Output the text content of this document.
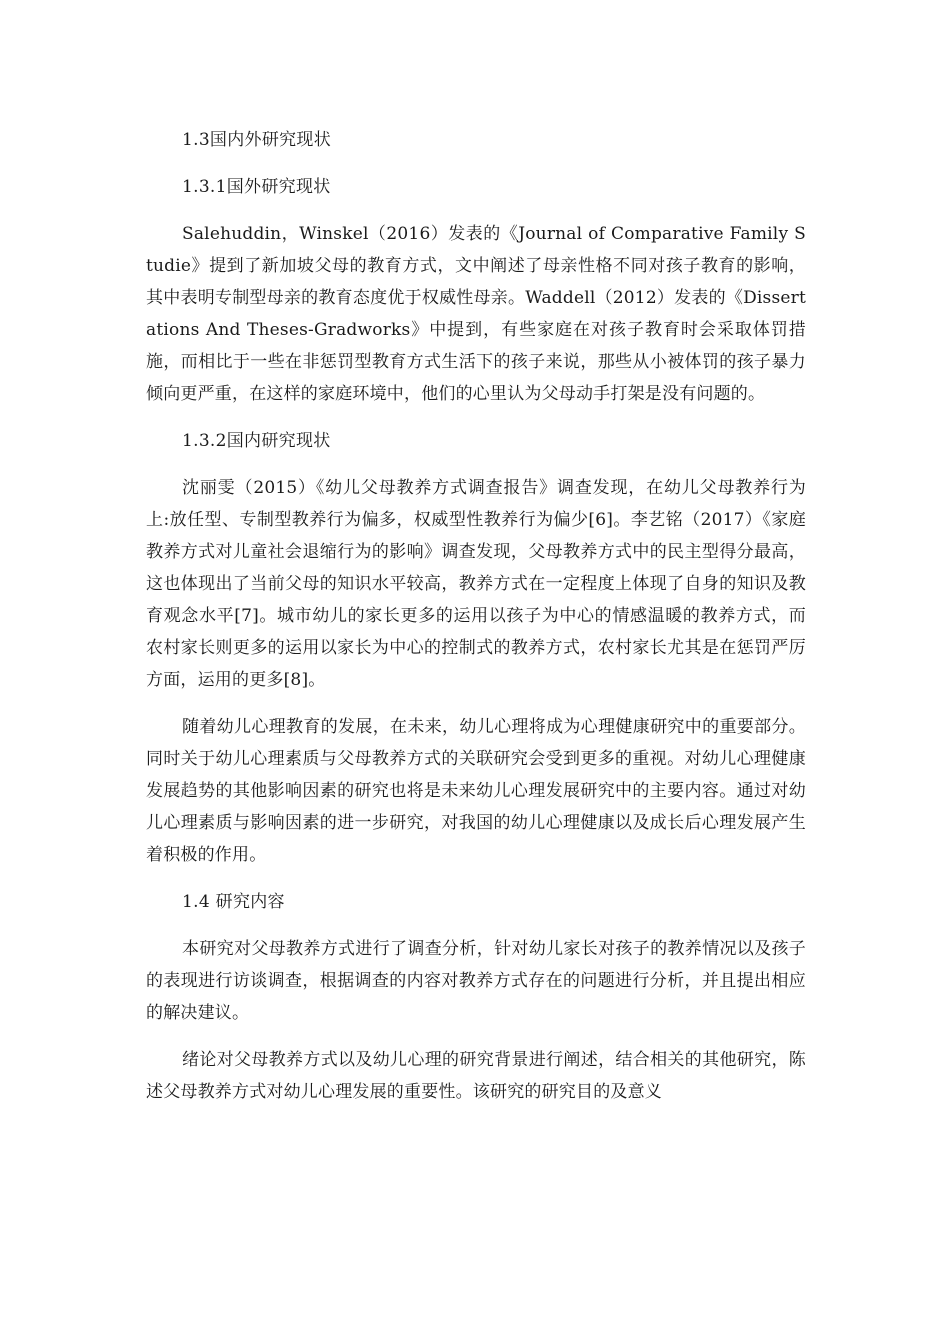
1.3国内外研究现状
1.3.1国外研究现状
Salehuddin，Winskel（2016）发表的《Journal of Comparative Family Studie》提到了新加坡父母的教育方式，文中阐述了母亲性格不同对孩子教育的影响，其中表明专制型母亲的教育态度优于权威性母亲。Waddell（2012）发表的《Dissertations And Theses-Gradworks》中提到，有些家庭在对孩子教育时会采取体罚措施，而相比于一些在非惩罚型教育方式生活下的孩子来说，那些从小被体罚的孩子暴力倾向更严重，在这样的家庭环境中，他们的心里认为父母动手打架是没有问题的。
1.3.2国内研究现状
沈丽雯（2015）《幼儿父母教养方式调查报告》调查发现，在幼儿父母教养行为上:放任型、专制型教养行为偏多，权威型性教养行为偏少[6]。李艺铭（2017）《家庭教养方式对儿童社会退缩行为的影响》调查发现，父母教养方式中的民主型得分最高，这也体现出了当前父母的知识水平较高，教养方式在一定程度上体现了自身的知识及教育观念水平[7]。城市幼儿的家长更多的运用以孩子为中心的情感温暖的教养方式，而农村家长则更多的运用以家长为中心的控制式的教养方式，农村家长尤其是在惩罚严厉方面，运用的更多[8]。
随着幼儿心理教育的发展，在未来，幼儿心理将成为心理健康研究中的重要部分。同时关于幼儿心理素质与父母教养方式的关联研究会受到更多的重视。对幼儿心理健康发展趋势的其他影响因素的研究也将是未来幼儿心理发展研究中的主要内容。通过对幼儿心理素质与影响因素的进一步研究，对我国的幼儿心理健康以及成长后心理发展产生着积极的作用。
1.4 研究内容
本研究对父母教养方式进行了调查分析，针对幼儿家长对孩子的教养情况以及孩子的表现进行访谈调查，根据调查的内容对教养方式存在的问题进行分析，并且提出相应的解决建议。
绪论对父母教养方式以及幼儿心理的研究背景进行阐述，结合相关的其他研究，陈述父母教养方式对幼儿心理发展的重要性。该研究的研究目的及意义
